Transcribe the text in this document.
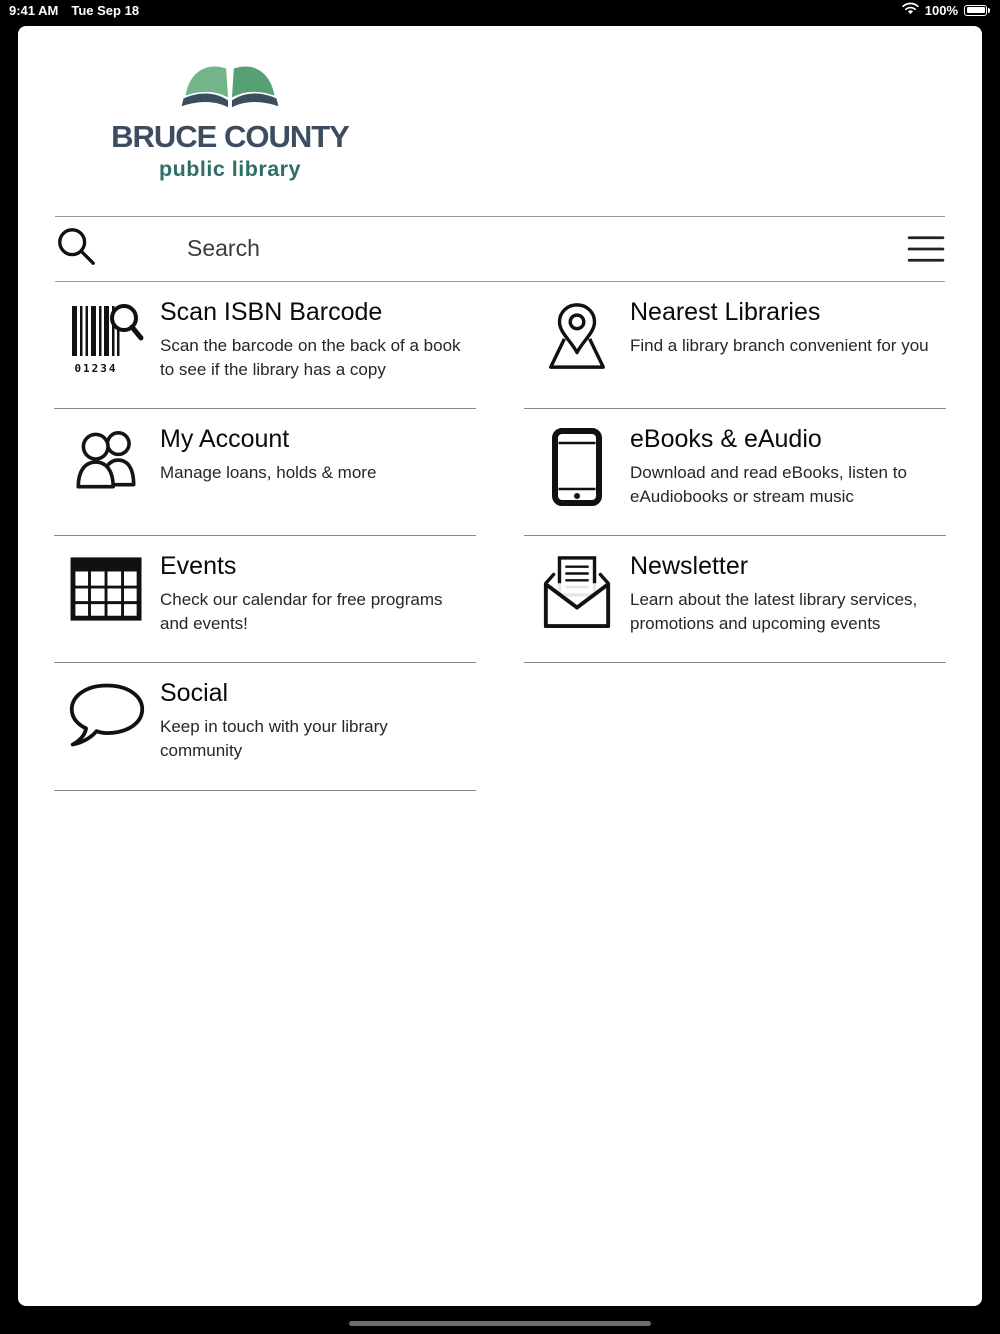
9:41 AM Tue Sep 18	100%
BRUCE COUNTY
public library
Search
01234
Scan ISBN Barcode
Scan the barcode on the back of a book to see if the library has a copy
Nearest Libraries
Find a library branch convenient for you
My Account
Manage loans, holds & more
eBooks & eAudio
Download and read eBooks, listen to eAudiobooks or stream music
Events
Check our calendar for free programs and events!
Newsletter
Learn about the latest library services, promotions and upcoming events
Social
Keep in touch with your library community
